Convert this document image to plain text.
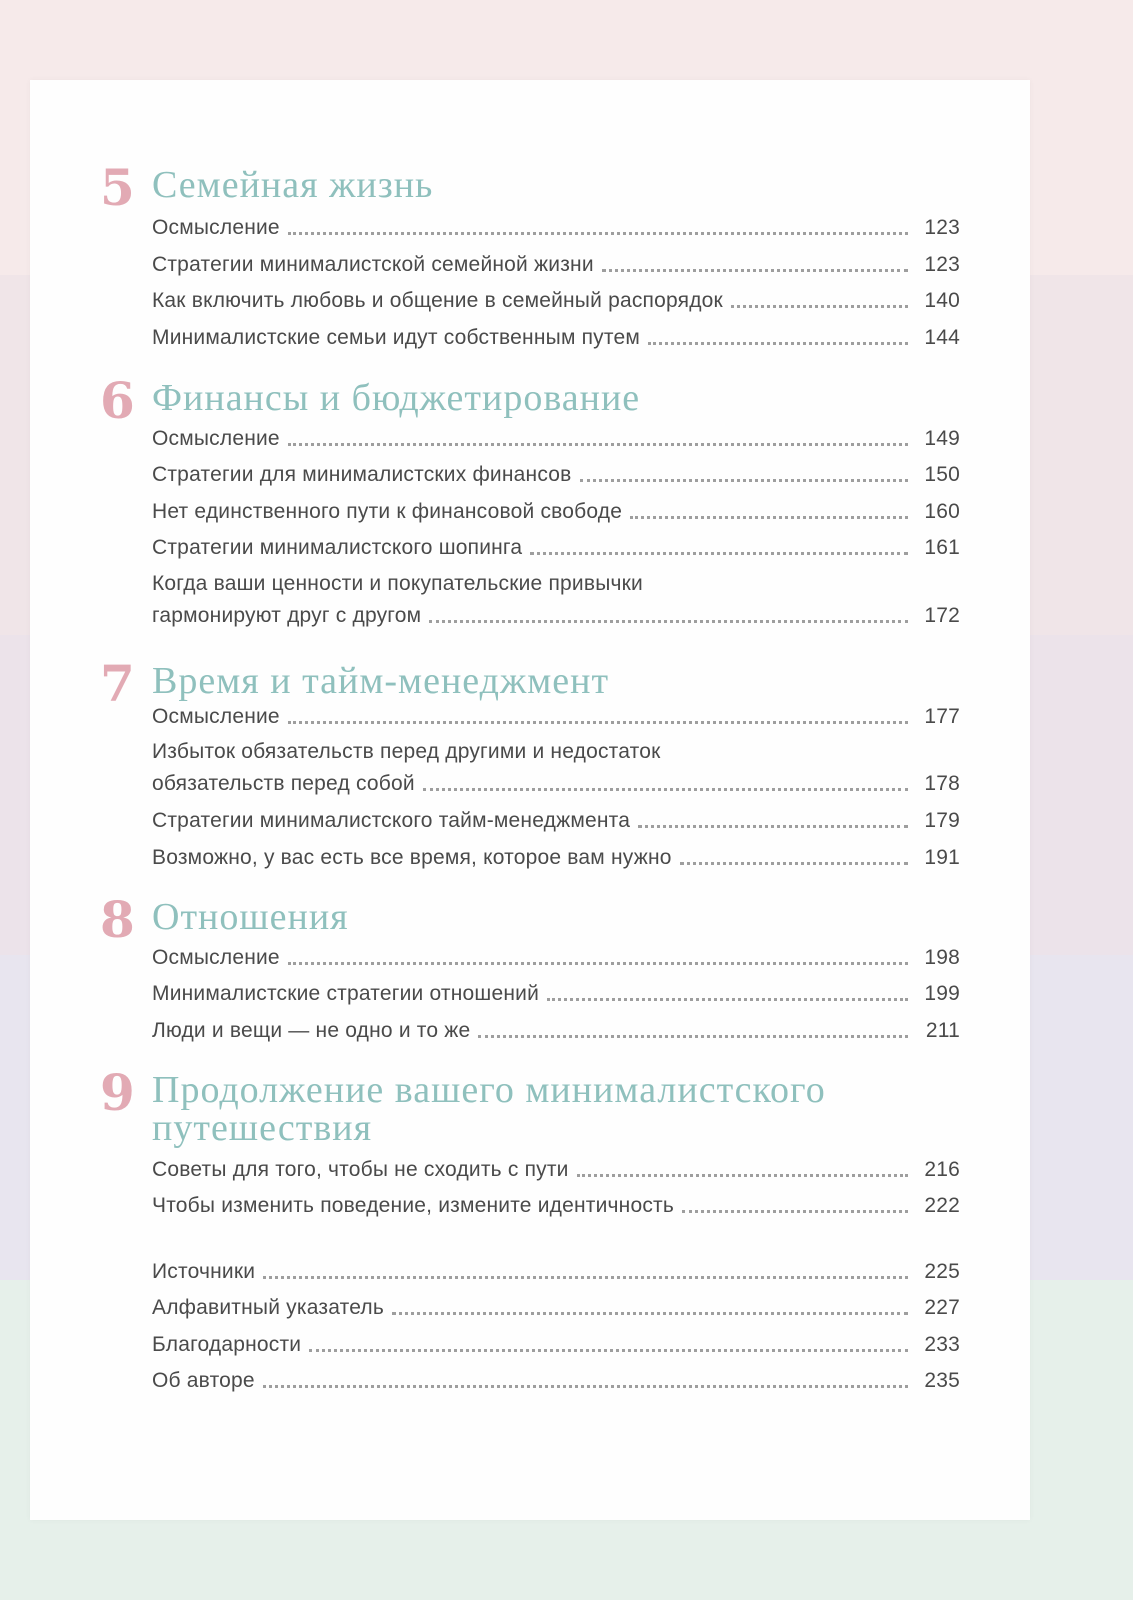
5 Семейная жизнь
Осмысление	123
Стратегии минималистской семейной жизни	123
Как включить любовь и общение в семейный распорядок	140
Минималистские семьи идут собственным путем	144
6 Финансы и бюджетирование
Осмысление	149
Стратегии для минималистских финансов	150
Нет единственного пути к финансовой свободе	160
Стратегии минималистского шопинга	161
Когда ваши ценности и покупательские привычки
гармонируют друг с другом	172
7 Время и тайм-менеджмент
Осмысление	177
Избыток обязательств перед другими и недостаток
обязательств перед собой	178
Стратегии минималистского тайм-менеджмента	179
Возможно, у вас есть все время, которое вам нужно	191
8 Отношения
Осмысление	198
Минималистские стратегии отношений	199
Люди и вещи — не одно и то же	211
9 Продолжение вашего минималистского
путешествия
Советы для того, чтобы не сходить с пути	216
Чтобы изменить поведение, измените идентичность	222
Источники	225
Алфавитный указатель	227
Благодарности	233
Об авторе	235
